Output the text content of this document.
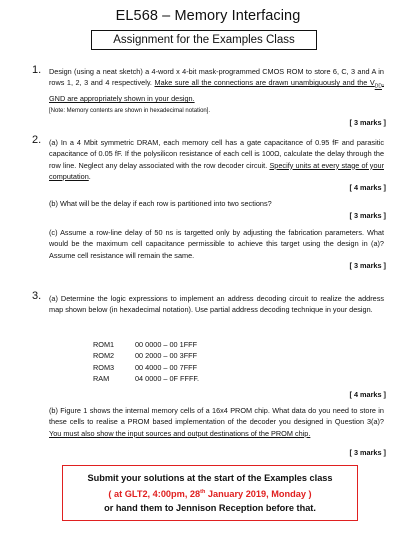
EL568 – Memory Interfacing
Assignment for the Examples Class
1. Design (using a neat sketch) a 4-word x 4-bit mask-programmed CMOS ROM to store 6, C, 3 and A in rows 1, 2, 3 and 4 respectively. Make sure all the connections are drawn unambiguously and the $V_{DD}$, GND are appropriately shown in your design.
[Note: Memory contents are shown in hexadecimal notation].
[ 3 marks ]
2. (a) In a 4 Mbit symmetric DRAM, each memory cell has a gate capacitance of 0.95 fF and parasitic capacitance of 0.05 fF. If the polysilicon resistance of each cell is 100Ω, calculate the delay through the row line. Neglect any delay associated with the row decoder circuit. Specify units at every stage of your computation.
[ 4 marks ]
(b) What will be the delay if each row is partitioned into two sections?
[ 3 marks ]
(c) Assume a row-line delay of 50 ns is targetted only by adjusting the fabrication parameters. What would be the maximum cell capacitance permissible to achieve this target using the design in (a)? Assume cell resistance will remain the same.
[ 3 marks ]
3. (a) Determine the logic expressions to implement an address decoding circuit to realize the address map shown below (in hexadecimal notation). Use partial address decoding technique in your design.
ROM1	00 0000 – 00 1FFF
ROM2	00 2000 – 00 3FFF
ROM3	00 4000 – 00 7FFF
RAM	04 0000 – 0F FFFF.
[ 4 marks ]
(b) Figure 1 shows the internal memory cells of a 16x4 PROM chip. What data do you need to store in these cells to realise a PROM based implementation of the decoder you designed in Question 3(a)? You must also show the input sources and output destinations of the PROM chip.
[ 3 marks ]
Submit your solutions at the start of the Examples class
( at GLT2, 4:00pm, 28th January 2019, Monday )
or hand them to Jennison Reception before that.
